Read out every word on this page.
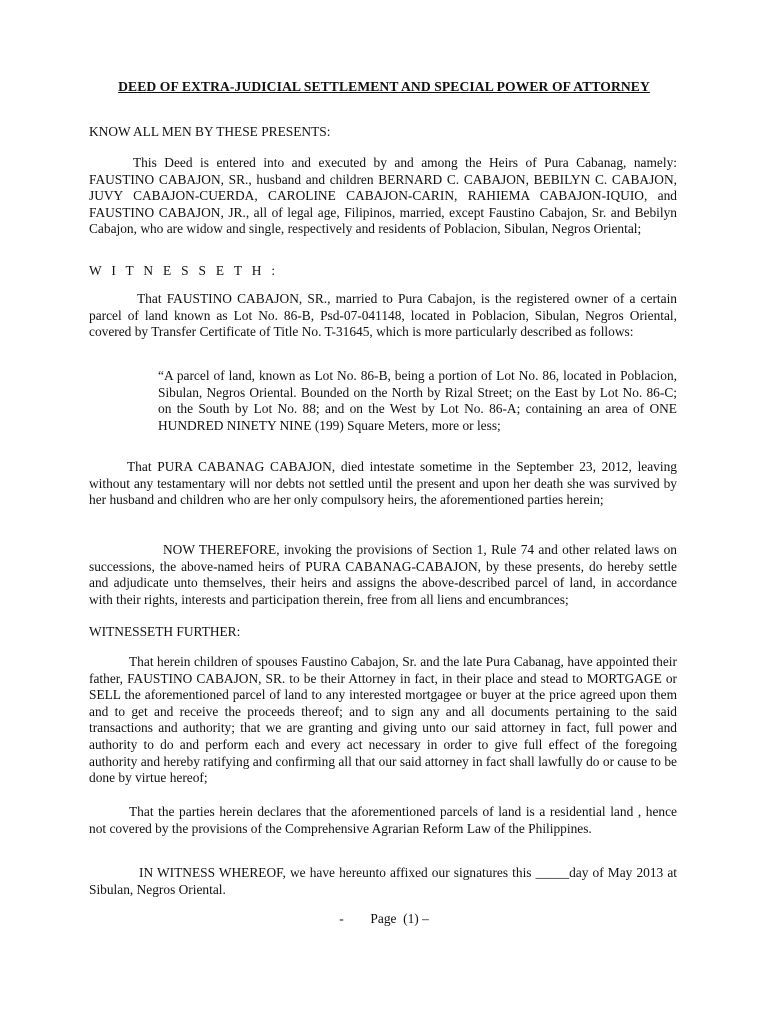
DEED OF EXTRA-JUDICIAL SETTLEMENT AND SPECIAL POWER OF ATTORNEY

KNOW ALL MEN BY THESE PRESENTS:

This Deed is entered into and executed by and among the Heirs of Pura Cabanag, namely: FAUSTINO CABAJON, SR., husband and children BERNARD C. CABAJON, BEBILYN C. CABAJON, JUVY CABAJON-CUERDA, CAROLINE CABAJON-CARIN, RAHIEMA CABAJON-IQUIO, and FAUSTINO CABAJON, JR., all of legal age, Filipinos, married, except Faustino Cabajon, Sr. and Bebilyn Cabajon, who are widow and single, respectively and residents of Poblacion, Sibulan, Negros Oriental;

W I T N E S S E T H :

That FAUSTINO CABAJON, SR., married to Pura Cabajon, is the registered owner of a certain parcel of land known as Lot No. 86-B, Psd-07-041148, located in Poblacion, Sibulan, Negros Oriental, covered by Transfer Certificate of Title No. T-31645, which is more particularly described as follows:

“A parcel of land, known as Lot No. 86-B, being a portion of Lot No. 86, located in Poblacion, Sibulan, Negros Oriental. Bounded on the North by Rizal Street; on the East by Lot No. 86-C; on the South by Lot No. 88; and on the West by Lot No. 86-A; containing an area of ONE HUNDRED NINETY NINE (199) Square Meters, more or less;

That PURA CABANAG CABAJON, died intestate sometime in the September 23, 2012, leaving without any testamentary will nor debts not settled until the present and upon her death she was survived by her husband and children who are her only compulsory heirs, the aforementioned parties herein;

NOW THEREFORE, invoking the provisions of Section 1, Rule 74 and other related laws on successions, the above-named heirs of PURA CABANAG-CABAJON, by these presents, do hereby settle and adjudicate unto themselves, their heirs and assigns the above-described parcel of land, in accordance with their rights, interests and participation therein, free from all liens and encumbrances;

WITNESSETH FURTHER:

That herein children of spouses Faustino Cabajon, Sr. and the late Pura Cabanag, have appointed their father, FAUSTINO CABAJON, SR. to be their Attorney in fact, in their place and stead to MORTGAGE or SELL the aforementioned parcel of land to any interested mortgagee or buyer at the price agreed upon them and to get and receive the proceeds thereof; and to sign any and all documents pertaining to the said transactions and authority; that we are granting and giving unto our said attorney in fact, full power and authority to do and perform each and every act necessary in order to give full effect of the foregoing authority and hereby ratifying and confirming all that our said attorney in fact shall lawfully do or cause to be done by virtue hereof;

That the parties herein declares that the aforementioned parcels of land is a residential land , hence not covered by the provisions of the Comprehensive Agrarian Reform Law of the Philippines.

IN WITNESS WHEREOF, we have hereunto affixed our signatures this _____day of May 2013 at Sibulan, Negros Oriental.

-        Page  (1) –
